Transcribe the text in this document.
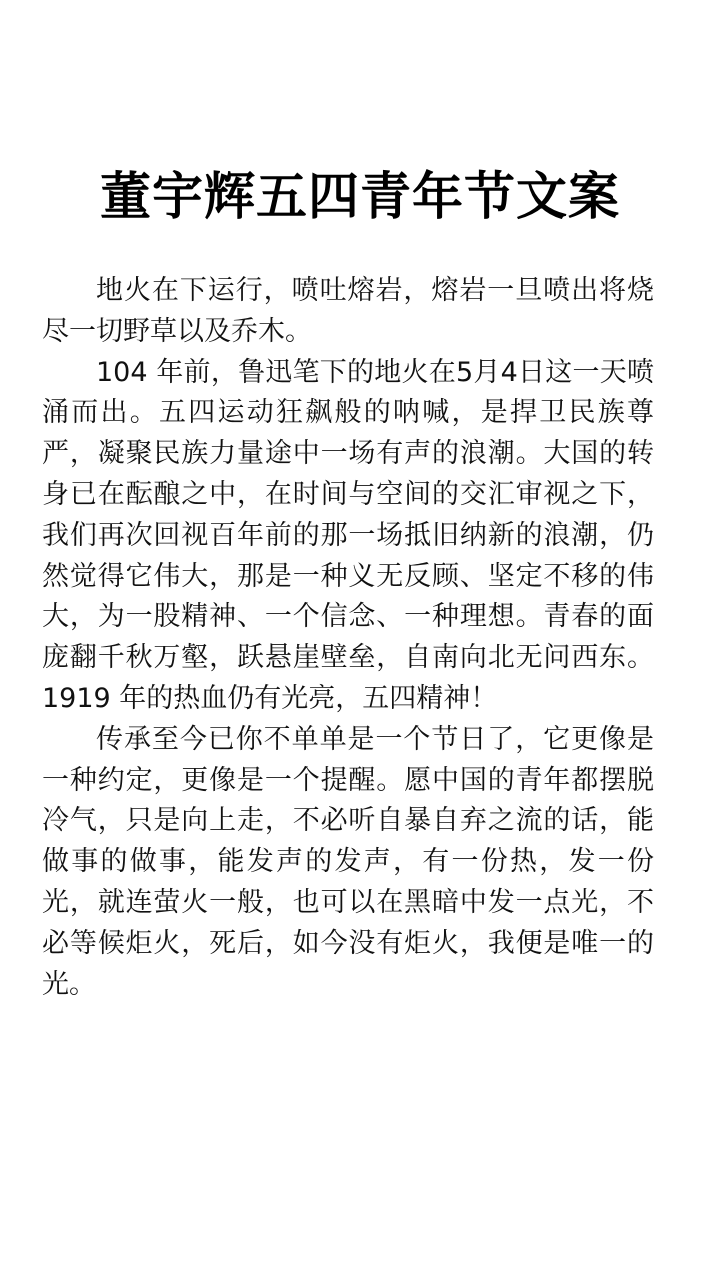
董宇辉五四青年节文案

地火在下运行，喷吐熔岩，熔岩一旦喷出将烧尽一切野草以及乔木。

104 年前，鲁迅笔下的地火在5月4日这一天喷涌而出。五四运动狂飙般的呐喊，是捍卫民族尊严，凝聚民族力量途中一场有声的浪潮。大国的转身已在酝酿之中，在时间与空间的交汇审视之下，我们再次回视百年前的那一场抵旧纳新的浪潮，仍然觉得它伟大，那是一种义无反顾、坚定不移的伟大，为一股精神、一个信念、一种理想。青春的面庞翻千秋万壑，跃悬崖壁垒，自南向北无问西东。 1919 年的热血仍有光亮，五四精神！

传承至今已你不单单是一个节日了，它更像是一种约定，更像是一个提醒。愿中国的青年都摆脱冷气，只是向上走，不必听自暴自弃之流的话，能做事的做事，能发声的发声，有一份热，发一份光，就连萤火一般，也可以在黑暗中发一点光，不必等候炬火，死后，如今没有炬火，我便是唯一的光。
